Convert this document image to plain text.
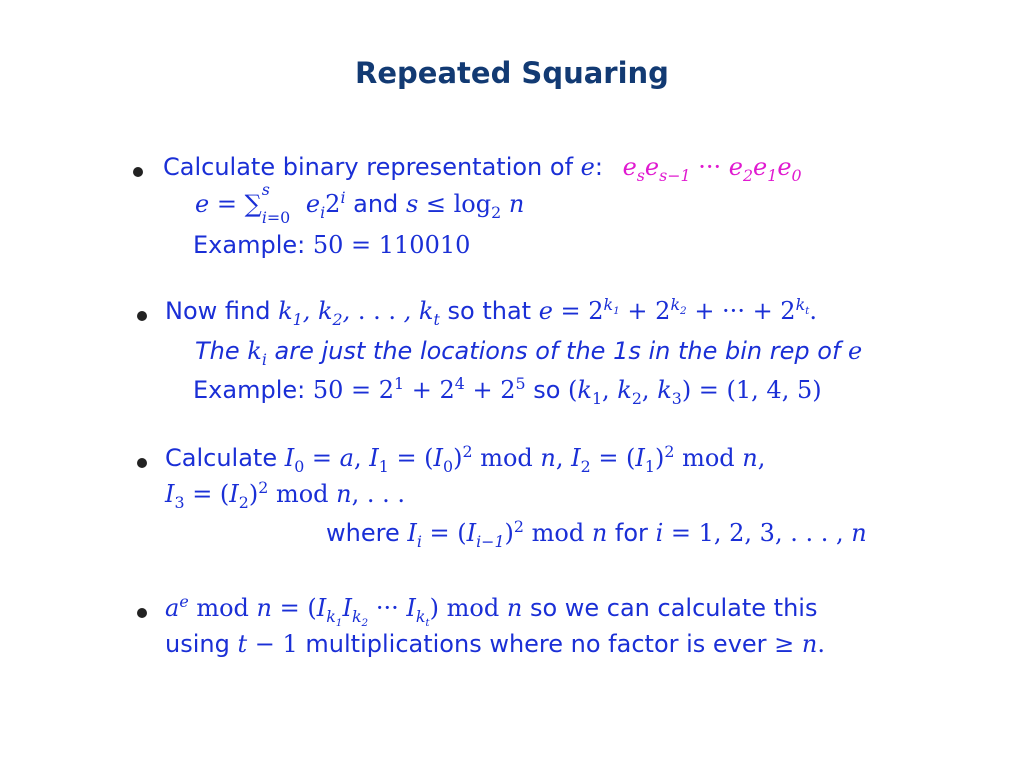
Repeated Squaring
Calculate binary representation of e: $e_se_{s-1}$ ··· $e_2e_1e_0$
e = ∑$^s_{i=0}$ $e_i2^i$ and $s \le \log_2 n$
Example: 50 = 110010
Now find $k_1$, $k_2$, . . . , $k_t$ so that $e = 2^{k_1} + 2^{k_2}$ + ··· + $2^{k_t}$.
The $k_i$ are just the locations of the 1s in the bin rep of e
Example: $50 = 2^1 + 2^4 + 2^5$ so ($k_1$, $k_2$, $k_3) = (1$, 4, 5)
Calculate $I_0 = a$, $I_1 = (I_0)^2$ mod n, $I_2 = (I_1)^2$ mod n,
$I_3 = (I_2)^2$ mod n, . . .
where $I_i = (I_{i-1})^2$ mod n for i = 1, 2, 3, . . . , n
$a^e$ mod $n = (I_{k_1}I_{k_2}$ ··· $I_{k_t}$) mod n so we can calculate this
using t − 1 multiplications where no factor is ever ≥ n.
